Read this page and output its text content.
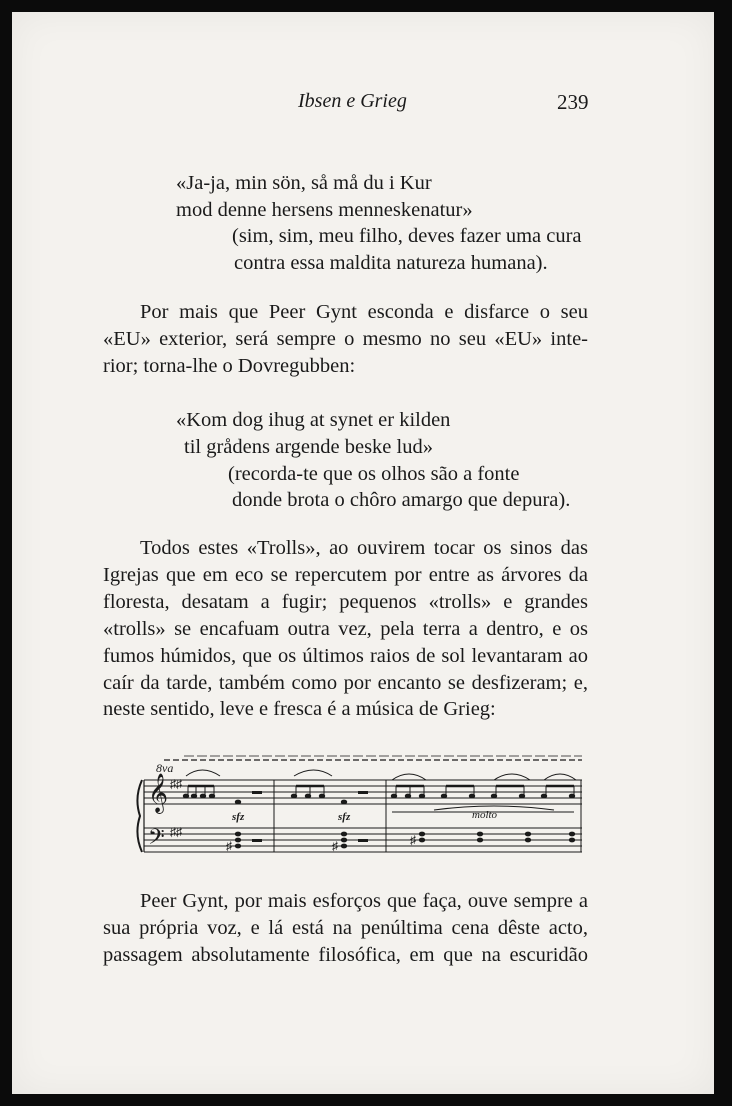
Ibsen e Grieg	239
«Ja-ja, min sön, så må du i Kur
mod denne hersens menneskenatur»
(sim, sim, meu filho, deves fazer uma cura
contra essa maldita natureza humana).
Por mais que Peer Gynt esconda e disfarce o seu
«EU» exterior, será sempre o mesmo no seu «EU» inte-
rior; torna-lhe o Dovregubben:
«Kom dog ihug at synet er kilden
til grådens argende beske lud»
(recorda-te que os olhos são a fonte
donde brota o chôro amargo que depura).
Todos estes «Trolls», ao ouvirem tocar os sinos das
Igrejas que em eco se repercutem por entre as árvores da
floresta, desatam a fugir; pequenos «trolls» e grandes
«trolls» se encafuam outra vez, pela terra a dentro, e os
fumos húmidos, que os últimos raios de sol levantaram ao
caír da tarde, também como por encanto se desfizeram; e,
neste sentido, leve e fresca é a música de Grieg:
𝄞
𝄢
♯♯
♯♯
♯	♯	♯
8va
sfz	sfz	molto
Peer Gynt, por mais esforços que faça, ouve sempre a
sua própria voz, e lá está na penúltima cena dêste acto,
passagem absolutamente filosófica, em que na escuridão
